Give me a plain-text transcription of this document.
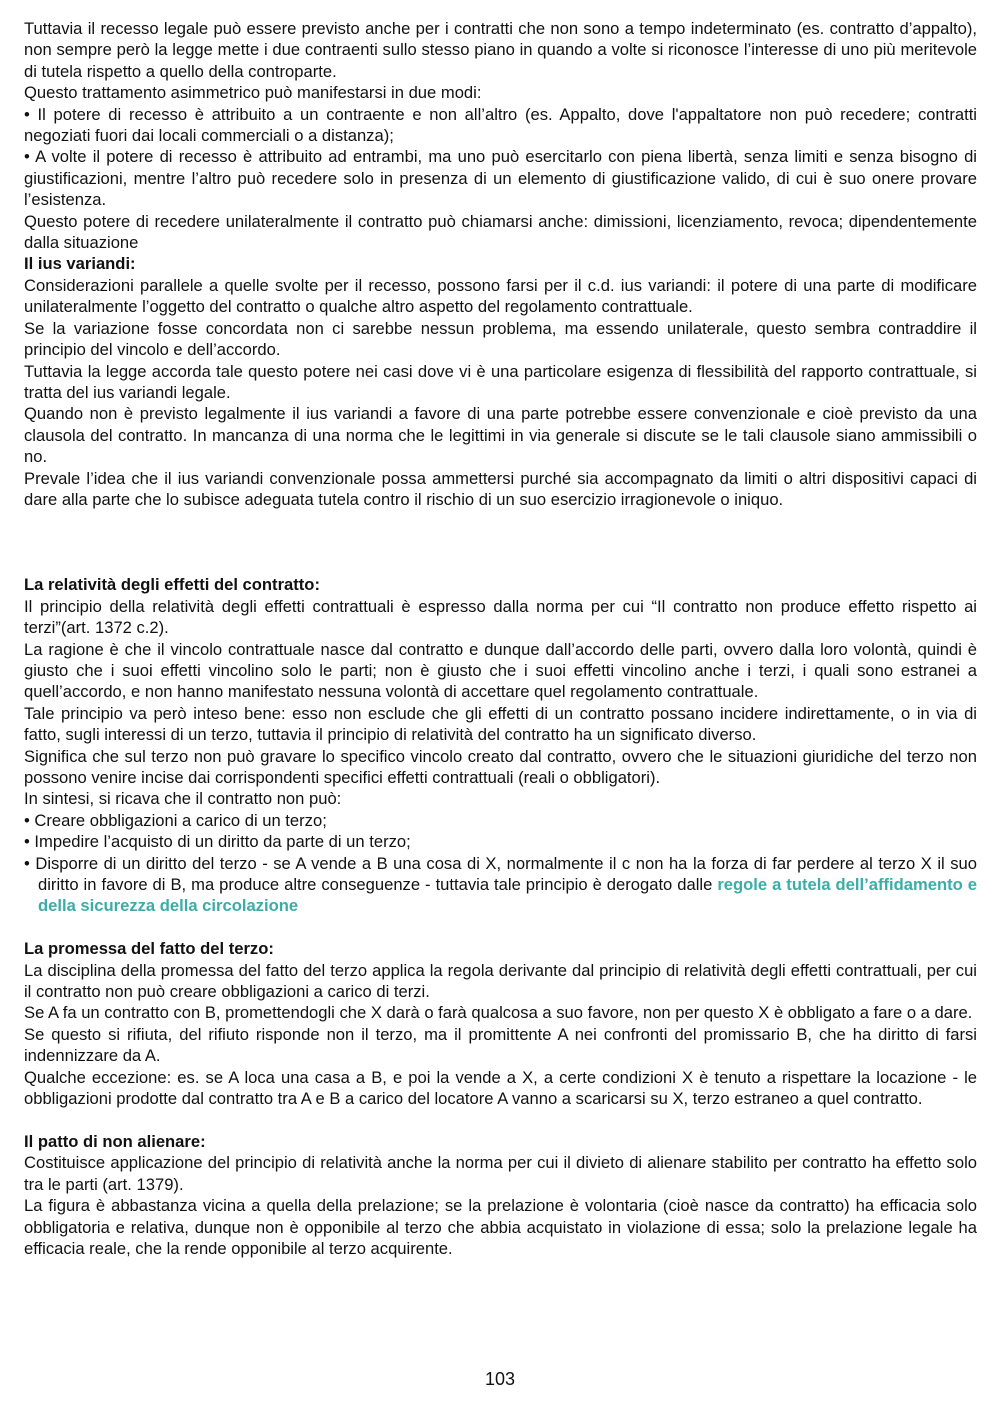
Tuttavia il recesso legale può essere previsto anche per i contratti che non sono a tempo indeterminato (es. contratto d’appalto), non sempre però la legge mette i due contraenti sullo stesso piano in quando a volte si riconosce l’interesse di uno più meritevole di tutela rispetto a quello della controparte.

Questo trattamento asimmetrico può manifestarsi in due modi:

• Il potere di recesso è attribuito a un contraente e non all’altro (es. Appalto, dove l'appaltatore non può recedere; contratti negoziati fuori dai locali commerciali o a distanza);

• A volte il potere di recesso è attribuito ad entrambi, ma uno può esercitarlo con piena libertà, senza limiti e senza bisogno di giustificazioni, mentre l’altro può recedere solo in presenza di un elemento di giustificazione valido, di cui è suo onere provare l’esistenza.

Questo potere di recedere unilateralmente il contratto può chiamarsi anche: dimissioni, licenziamento, revoca; dipendentemente dalla situazione

Il ius variandi:

Considerazioni parallele a quelle svolte per il recesso, possono farsi per il c.d. ius variandi: il potere di una parte di modificare unilateralmente l’oggetto del contratto o qualche altro aspetto del regolamento contrattuale.

Se la variazione fosse concordata non ci sarebbe nessun problema, ma essendo unilaterale, questo sembra contraddire il principio del vincolo e dell’accordo.

Tuttavia la legge accorda tale questo potere nei casi dove vi è una particolare esigenza di flessibilità del rapporto contrattuale, si tratta del ius variandi legale.

Quando non è previsto legalmente il ius variandi a favore di una parte potrebbe essere convenzionale e cioè previsto da una clausola del contratto. In mancanza di una norma che le legittimi in via generale si discute se le tali clausole siano ammissibili o no.

Prevale l’idea che il ius variandi convenzionale possa ammettersi purché sia accompagnato da limiti o altri dispositivi capaci di dare alla parte che lo subisce adeguata tutela contro il rischio di un suo esercizio irragionevole o iniquo.

La relatività degli effetti del contratto:

Il principio della relatività degli effetti contrattuali è espresso dalla norma per cui “Il contratto non produce effetto rispetto ai terzi”(art. 1372 c.2).

La ragione è che il vincolo contrattuale nasce dal contratto e dunque dall’accordo delle parti, ovvero dalla loro volontà, quindi è giusto che i suoi effetti vincolino solo le parti; non è giusto che i suoi effetti vincolino anche i terzi, i quali sono estranei a quell’accordo, e non hanno manifestato nessuna volontà di accettare quel regolamento contrattuale.

Tale principio va però inteso bene: esso non esclude che gli effetti di un contratto possano incidere indirettamente, o in via di fatto, sugli interessi di un terzo, tuttavia il principio di relatività del contratto ha un significato diverso.

Significa che sul terzo non può gravare lo specifico vincolo creato dal contratto, ovvero che le situazioni giuridiche del terzo non possono venire incise dai corrispondenti specifici effetti contrattuali (reali o obbligatori).

In sintesi, si ricava che il contratto non può:

• Creare obbligazioni a carico di un terzo;

• Impedire l’acquisto di un diritto da parte di un terzo;

• Disporre di un diritto del terzo - se A vende a B una cosa di X, normalmente il c non ha la forza di far perdere al terzo X il suo diritto in favore di B, ma produce altre conseguenze - tuttavia tale principio è derogato dalle regole a tutela dell’affidamento e della sicurezza della circolazione

La promessa del fatto del terzo:

La disciplina della promessa del fatto del terzo applica la regola derivante dal principio di relatività degli effetti contrattuali, per cui il contratto non può creare obbligazioni a carico di terzi.

Se A fa un contratto con B, promettendogli che X darà o farà qualcosa a suo favore, non per questo X è obbligato a fare o a dare.

Se questo si rifiuta, del rifiuto risponde non il terzo, ma il promittente A nei confronti del promissario B, che ha diritto di farsi indennizzare da A.

Qualche eccezione: es. se A loca una casa a B, e poi la vende a X, a certe condizioni X è tenuto a rispettare la locazione - le obbligazioni prodotte dal contratto tra A e B a carico del locatore A vanno a scaricarsi su X, terzo estraneo a quel contratto.

Il patto di non alienare:

Costituisce applicazione del principio di relatività anche la norma per cui il divieto di alienare stabilito per contratto ha effetto solo tra le parti (art. 1379).

La figura è abbastanza vicina a quella della prelazione; se la prelazione è volontaria (cioè nasce da contratto) ha efficacia solo obbligatoria e relativa, dunque non è opponibile al terzo che abbia acquistato in violazione di essa; solo la prelazione legale ha efficacia reale, che la rende opponibile al terzo acquirente.

103
